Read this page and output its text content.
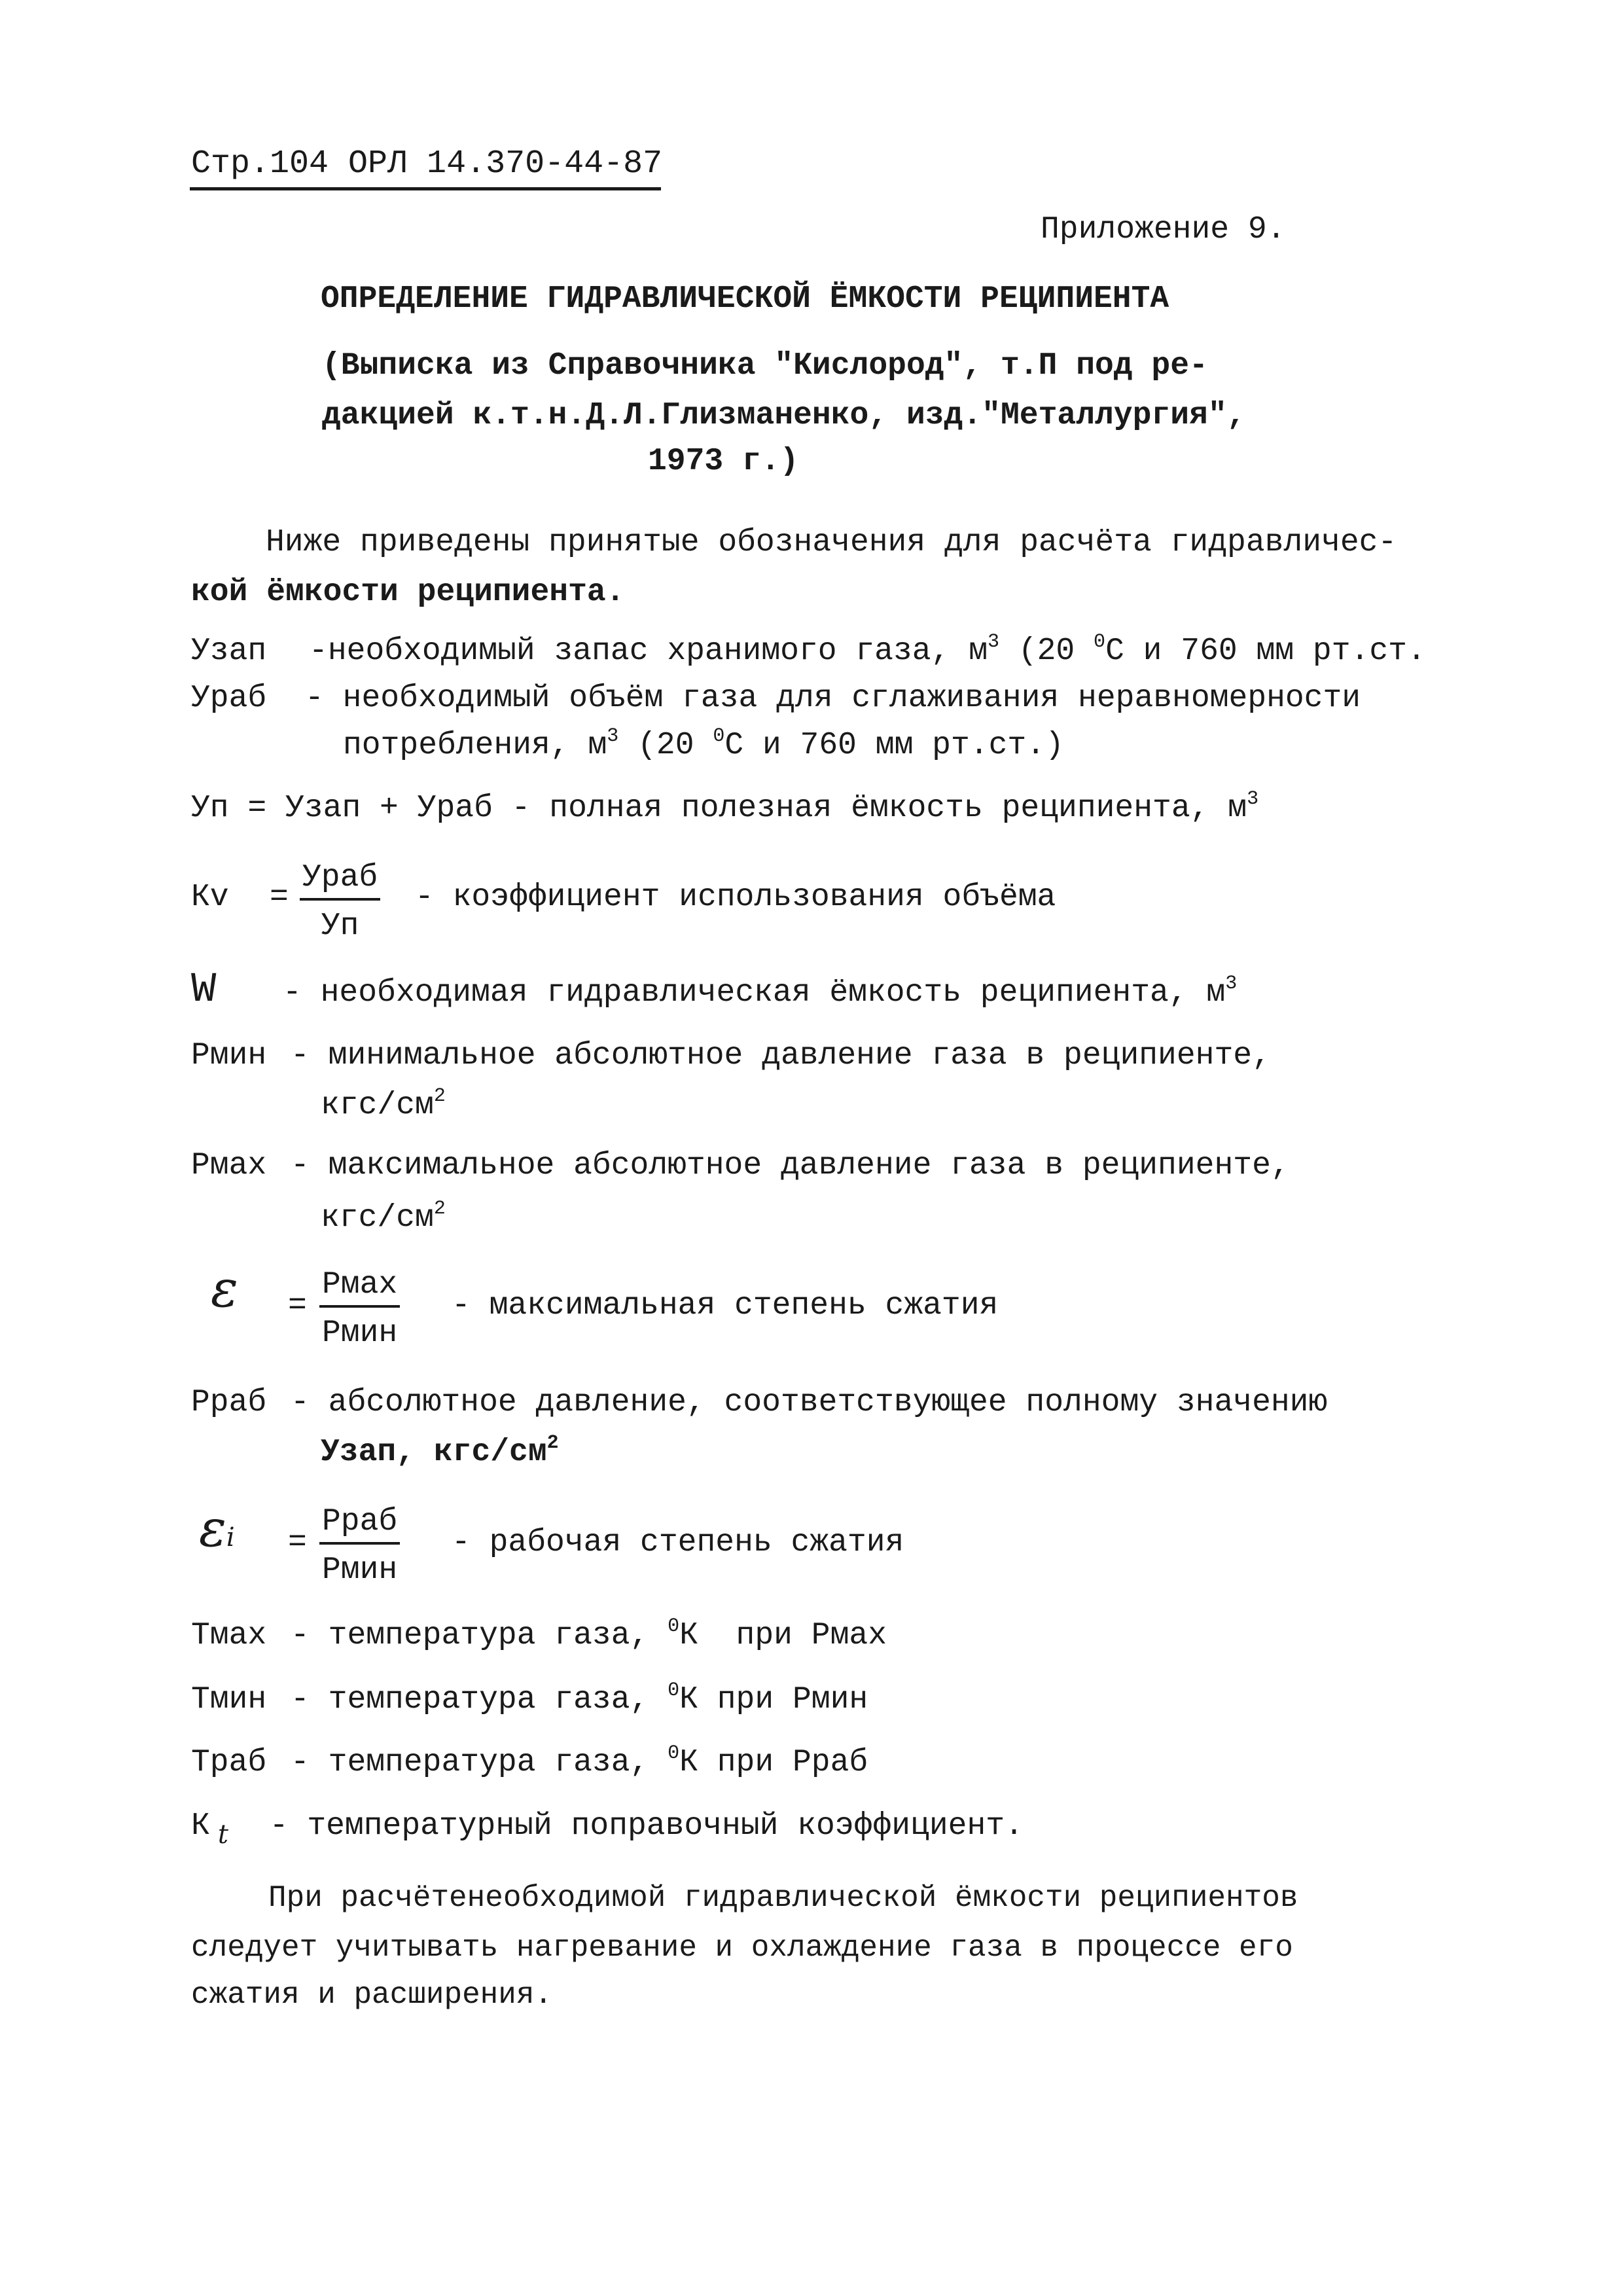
Стр.104 ОРЛ 14.370-44-87
Приложение 9.
ОПРЕДЕЛЕНИЕ ГИДРАВЛИЧЕСКОЙ ЁМКОСТИ РЕЦИПИЕНТА
(Выписка из Справочника "Кислород", т.П под ре-
дакцией к.т.н.Д.Л.Глизманенко, изд."Металлургия",
1973 г.)
Ниже приведены принятые обозначения для расчёта гидравличес-
кой ёмкости реципиента.
Узап -необходимый запас хранимого газа, $м^3$ (20 $^0$С и 760 мм рт.ст.
Ураб - необходимый объём газа для сглаживания неравномерности
потребления, $м^3$ (20 $^0$С и 760 мм рт.ст.)
Уп = Узап + Ураб - полная полезная ёмкость реципиента, $м^3$
Кv =
Ураб
Уп
- коэффициент использования объёма
W - необходимая гидравлическая ёмкость реципиента, $м^3$
Рмин - минимальное абсолютное давление газа в реципиенте,
кгс/$см^2$
Рмах - максимальное абсолютное давление газа в реципиенте,
кгс/$см^2$
ε =
Рмах
Рмин
- максимальная степень сжатия
Рраб - абсолютное давление, соответствующее полному значению
Узап, кгс/$см^2$
εi =
Рраб
Рмин
- рабочая степень сжатия
Тмах - температура газа, $^0$К  при Рмах
Тмин - температура газа, $^0$К при Рмин
Траб - температура газа, $^0$К при Рраб
К $_t$ - температурный поправочный коэффициент.
При расчётенеобходимой гидравлической ёмкости реципиентов
следует учитывать нагревание и охлаждение газа в процессе его
сжатия и расширения.
